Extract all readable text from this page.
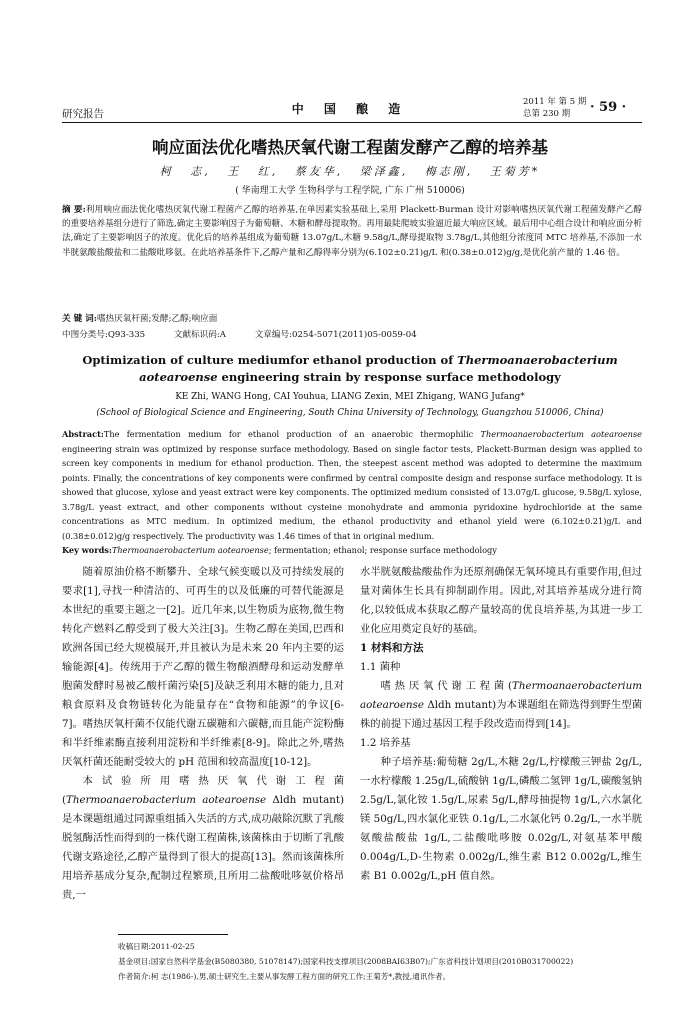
研究报告	中 国 酿 造	2011 年 第 5 期
总第 230 期	· 59 ·
响应面法优化嗜热厌氧代谢工程菌发酵产乙醇的培养基
柯 志, 王 红, 蔡友华, 梁泽鑫, 梅志刚, 王菊芳*
( 华南理工大学 生物科学与工程学院, 广东 广州 510006)
摘 要:利用响应面法优化嗜热厌氧代谢工程菌产乙醇的培养基,在单因素实验基础上,采用 Plackett-Burman 设计对影响嗜热厌氧代谢工程菌发酵产乙醇的重要培养基组分进行了筛选,确定主要影响因子为葡萄糖、木糖和酵母提取物。再用最陡爬坡实验逼近最大响应区域。最后用中心组合设计和响应面分析法,确定了主要影响因子的浓度。优化后的培养基组成为葡萄糖 13.07g/L,木糖 9.58g/L,酵母提取物 3.78g/L,其他组分浓度同 MTC 培养基,不添加一水半胱氨酸盐酸盐和二盐酸吡哆氨。在此培养基条件下,乙醇产量和乙醇得率分别为(6.102±0.21)g/L 和(0.38±0.012)g/g,是优化前产量的 1.46 倍。
关 键 词:嗜热厌氧杆菌;发酵;乙醇;响应面
中图分类号:Q93-335	文献标识码:A	文章编号:0254-5071(2011)05-0059-04
Optimization of culture mediumfor ethanol production of Thermoanaerobacterium aotearoense engineering strain by response surface methodology
KE Zhi, WANG Hong, CAI Youhua, LIANG Zexin, MEI Zhigang, WANG Jufang*
(School of Biological Science and Engineering, South China University of Technology, Guangzhou 510006, China)
Abstract:The fermentation medium for ethanol production of an anaerobic thermophilic Thermoanaerobacterium aotearoense engineering strain was optimized by response surface methodology. Based on single factor tests, Plackett-Burman design was applied to screen key components in medium for ethanol production. Then, the steepest ascent method was adopted to determine the maximum points. Finally, the concentrations of key components were confirmed by central composite design and response surface methodology. It is showed that glucose, xylose and yeast extract were key components. The optimized medium consisted of 13.07g/L glucose, 9.58g/L xylose, 3.78g/L yeast extract, and other components without cysteine monohydrate and ammonia pyridoxine hydrochloride at the same concentrations as MTC medium. In optimized medium, the ethanol productivity and ethanol yield were (6.102±0.21)g/L and (0.38±0.012)g/g respectively. The productivity was 1.46 times of that in original medium.
Key words:Thermoanaerobacterium aotearoense; fermentation; ethanol; response surface methodology

随着原油价格不断攀升、全球气候变暖以及可持续发展的要求[1],寻找一种清洁的、可再生的以及低廉的可替代能源是本世纪的重要主题之一[2]。近几年来,以生物质为底物,微生物转化产燃料乙醇受到了极大关注[3]。生物乙醇在美国,巴西和欧洲各国已经大规模展开,并且被认为是未来 20 年内主要的运输能源[4]。传统用于产乙醇的微生物酿酒酵母和运动发酵单胞菌发酵时易被乙酸杆菌污染[5]及缺乏利用木糖的能力,且对粮食原料及食物链转化为能量存在“食物和能源”的争议[6-7]。嗜热厌氧杆菌不仅能代谢五碳糖和六碳糖,而且能产淀粉酶和半纤维素酶直接利用淀粉和半纤维素[8-9]。除此之外,嗜热厌氧杆菌还能耐受较大的 pH 范围和较高温度[10-12]。

本试验所用嗜热厌氧代谢工程菌(Thermoanaerobacterium aotearoense Δldh mutant)是本课题组通过同源重组插入失活的方式,成功敲除沉默了乳酸脱氢酶活性而得到的一株代谢工程菌株,该菌株由于切断了乳酸代谢支路途径,乙醇产量得到了很大的提高[13]。然而该菌株所用培养基成分复杂,配制过程繁琐,且所用二盐酸吡哆氨价格昂贵,一

水半胱氨酸盐酸盐作为还原剂确保无氧环境具有重要作用,但过量对菌体生长具有抑制副作用。因此,对其培养基成分进行简化,以较低成本获取乙醇产量较高的优良培养基,为其进一步工业化应用奠定良好的基础。

1 材料和方法
1.1 菌种

嗜热厌氧代谢工程菌(Thermoanaerobacterium aotearoense Δldh mutant)为本课题组在筛选得到野生型菌株的前提下通过基因工程手段改造而得到[14]。

1.2 培养基

种子培养基:葡萄糖 2g/L,木糖 2g/L,柠檬酸三钾盐 2g/L,一水柠檬酸 1.25g/L,硫酸钠 1g/L,磷酸二氢钾 1g/L,碳酸氢钠 2.5g/L,氯化铵 1.5g/L,尿素 5g/L,酵母抽提物 1g/L,六水氯化镁 50g/L,四水氯化亚铁 0.1g/L,二水氯化钙 0.2g/L,一水半胱氨酸盐酸盐 1g/L,二盐酸吡哆胺 0.02g/L,对氨基苯甲酸 0.004g/L,D-生物素 0.002g/L,维生素 B12 0.002g/L,维生素 B1 0.002g/L,pH 值自然。

收稿日期:2011-02-25
基金项目:国家自然科学基金(B5080380, 51078147);国家科技支撑项目(2008BAI63B07);广东省科技计划项目(2010B031700022)
作者简介:柯 志(1986-),男,硕士研究生,主要从事发酵工程方面的研究工作;王菊芳*,教授,通讯作者。
